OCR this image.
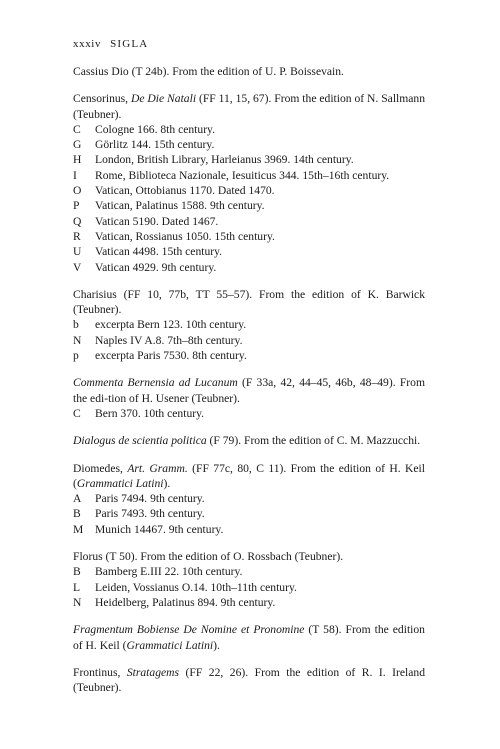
xxxiv SIGLA
Cassius Dio (T 24b). From the edition of U. P. Boissevain.
Censorinus, De Die Natali (FF 11, 15, 67). From the edition of N. Sallmann (Teubner).
C	Cologne 166. 8th century.
G	Görlitz 144. 15th century.
H	London, British Library, Harleianus 3969. 14th century.
I	Rome, Biblioteca Nazionale, Iesuiticus 344. 15th–16th century.
O	Vatican, Ottobianus 1170. Dated 1470.
P	Vatican, Palatinus 1588. 9th century.
Q	Vatican 5190. Dated 1467.
R	Vatican, Rossianus 1050. 15th century.
U	Vatican 4498. 15th century.
V	Vatican 4929. 9th century.
Charisius (FF 10, 77b, TT 55–57). From the edition of K. Barwick (Teubner).
b	excerpta Bern 123. 10th century.
N	Naples IV A.8. 7th–8th century.
p	excerpta Paris 7530. 8th century.
Commenta Bernensia ad Lucanum (F 33a, 42, 44–45, 46b, 48–49). From the edi-tion of H. Usener (Teubner).
C	Bern 370. 10th century.
Dialogus de scientia politica (F 79). From the edition of C. M. Mazzucchi.
Diomedes, Art. Gramm. (FF 77c, 80, C 11). From the edition of H. Keil (Grammatici Latini).
A	Paris 7494. 9th century.
B	Paris 7493. 9th century.
M	Munich 14467. 9th century.
Florus (T 50). From the edition of O. Rossbach (Teubner).
B	Bamberg E.III 22. 10th century.
L	Leiden, Vossianus O.14. 10th–11th century.
N	Heidelberg, Palatinus 894. 9th century.
Fragmentum Bobiense De Nomine et Pronomine (T 58). From the edition of H. Keil (Grammatici Latini).
Frontinus, Stratagems (FF 22, 26). From the edition of R. I. Ireland (Teubner).
